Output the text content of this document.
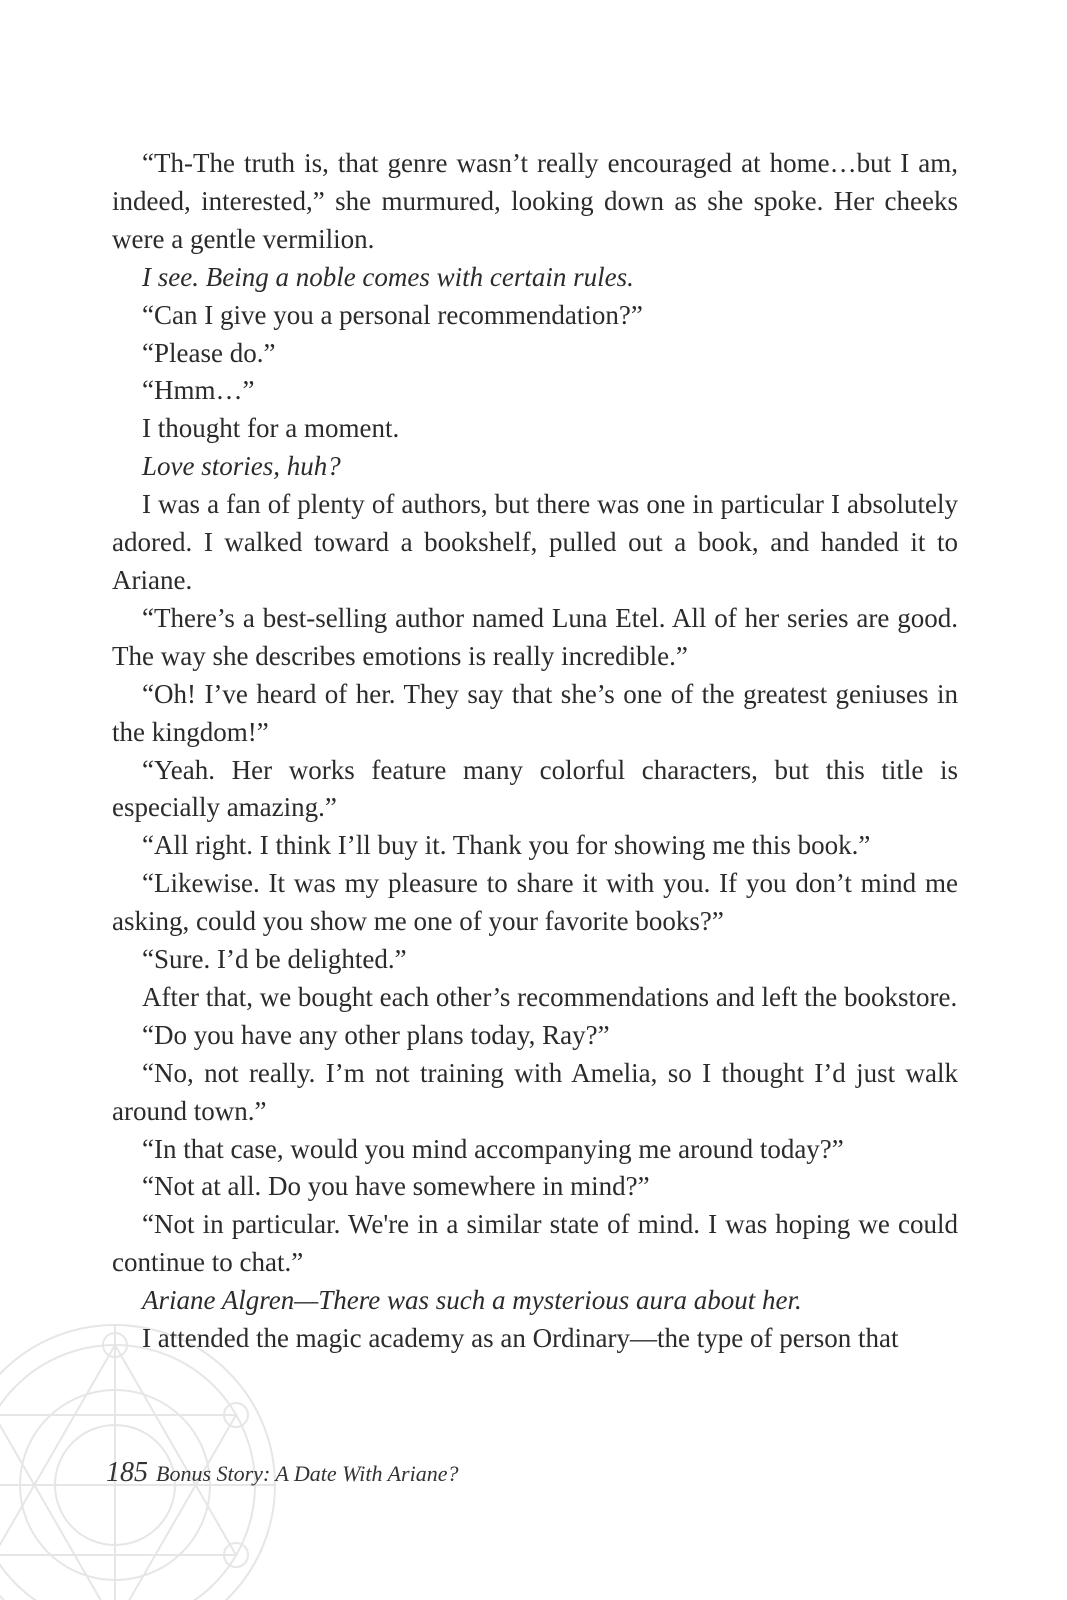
“Th-The truth is, that genre wasn’t really encouraged at home…but I am, indeed, interested,” she murmured, looking down as she spoke. Her cheeks were a gentle vermilion.

I see. Being a noble comes with certain rules.

“Can I give you a personal recommendation?”

“Please do.”

“Hmm…”

I thought for a moment.

Love stories, huh?

I was a fan of plenty of authors, but there was one in particular I absolutely adored. I walked toward a bookshelf, pulled out a book, and handed it to Ariane.

“There’s a best-selling author named Luna Etel. All of her series are good. The way she describes emotions is really incredible.”

“Oh! I’ve heard of her. They say that she’s one of the greatest geniuses in the kingdom!”

“Yeah. Her works feature many colorful characters, but this title is especially amazing.”

“All right. I think I’ll buy it. Thank you for showing me this book.”

“Likewise. It was my pleasure to share it with you. If you don’t mind me asking, could you show me one of your favorite books?”

“Sure. I’d be delighted.”

After that, we bought each other’s recommendations and left the bookstore.

“Do you have any other plans today, Ray?”

“No, not really. I’m not training with Amelia, so I thought I’d just walk around town.”

“In that case, would you mind accompanying me around today?”

“Not at all. Do you have somewhere in mind?”

“Not in particular. We're in a similar state of mind. I was hoping we could continue to chat.”

Ariane Algren—There was such a mysterious aura about her.

I attended the magic academy as an Ordinary—the type of person that

185 Bonus Story: A Date With Ariane?
